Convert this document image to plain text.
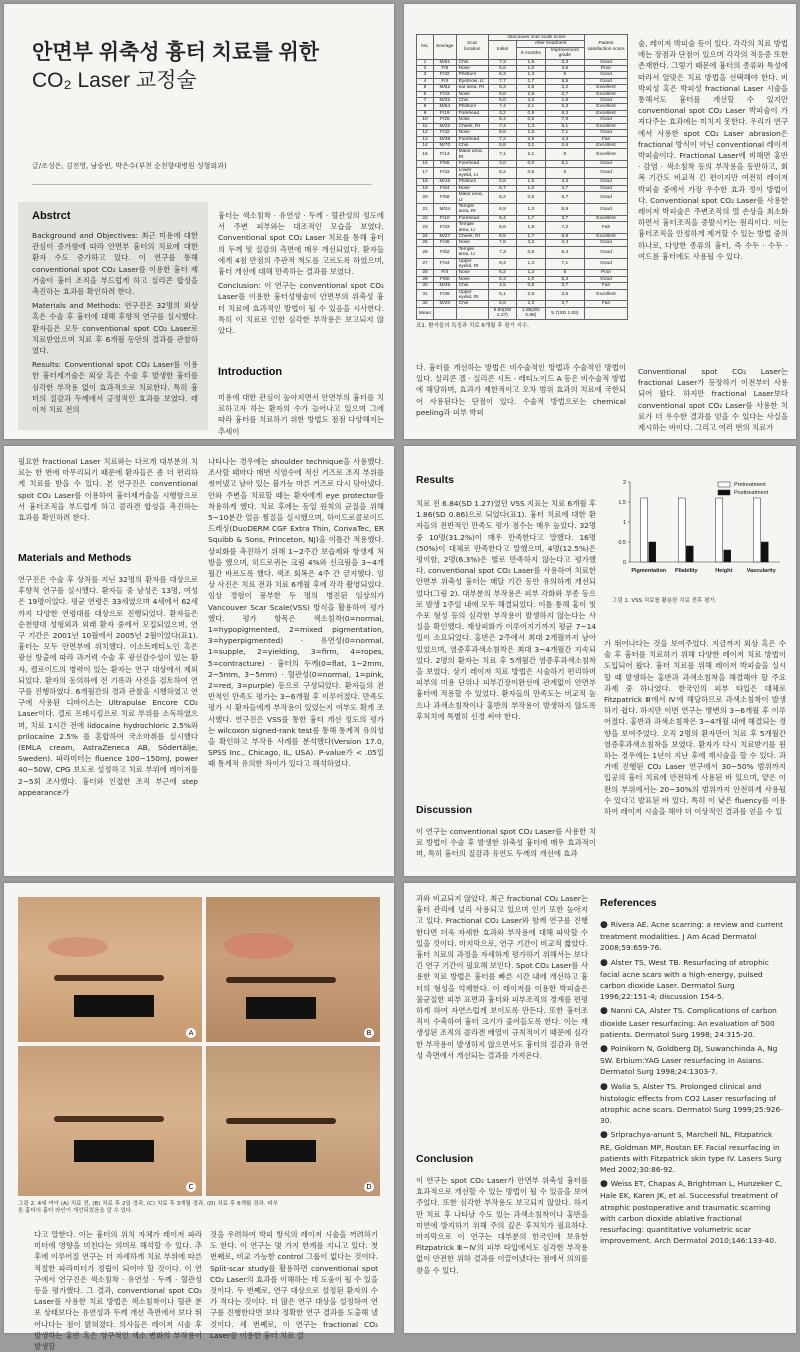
안면부 위축성 흉터 치료를 위한
CO₂ Laser 교정술
글/조성은, 김진영, 남승빈, 박은수(부천 순천향대병원 성형외과)
Abstrct

Background and Objectives: 최근 미용에 대한 관심이 증가함에 따라 안면부 흉터의 치료에 대한 환자 수도 증가하고 있다. 이 연구를 통해 conventional spot CO₂ Laser를 이용한 흉터 제거술이 흉터 조직을 부드럽게 하고 실리콘 합성을 촉진하는 효과를 확인하려 한다.

Materials and Methods: 연구진은 32명의 외상 혹은 수술 후 흉터에 대해 후향적 연구를 실시했다. 환자들은 모두 conventional spot CO₂ Laser로 치료받았으며 치료 후 6개월 동안의 결과를 관찰하였다.

Results: Conventional spot CO₂ Laser를 이용한 흉터제거술은 외상 혹은 수술 후 발생한 흉터를 심각한 부작용 없이 효과적으로 치료한다. 특히 흉터의 질감과 두께에서 긍정적인 효과를 보였다. 레이저 치료 전의

흉터는 색소침착 · 유연성 · 두께 · 혈관성의 정도에서 주변 피부와는 대조적인 모습을 보였다. Conventional spot CO₂ Laser 치료를 통해 흉터의 두께 및 질감의 측면에 매우 개선되었다. 환자들에게 4점 만점의 주관적 척도를 고르도록 하였으며, 흉터 개선에 대해 만족하는 결과를 보였다.

Conclusion: 이 연구는 conventional spot CO₂ Laser를 이용한 흉터성형술이 안면부의 위축성 흉터 치료에 효과적인 방법이 될 수 있음을 시사한다. 특히 이 치료로 인한 심각한 부작용은 보고되지 않았다.

Introduction
미용에 대한 관심이 높아지면서 안면부의 흉터를 치료하고자 하는 환자의 수가 늘어나고 있으며 그에 따라 흉터를 치료하기 위한 방법도 점점 다양해지는 추세이
No.	Sex/age	Scar location	Vancouver scar scale score			Patient satisfaction score
			Initial	After treatment		
				6 months	Improvement grade	
1	M/51	Chin	7,3	1,5	3,3	Good
2	F/6	Nose	5,6	1,0	4,6	Poor
3	F/32	Philtrum	6,3	1,3	5	Good
4	F/4	Eyebrow, Lt	7,7	1,7	5,5	Good
5	M/52	ear area, Rt	5,3	2,8	3,2	Excellent
6	F/43	Nose	5,6	2,9	2,7	Excellent
7	M/32	Chin	5,0	3,2	1,8	Good
8	M/54	Philtrum	7,4	2,1	5,3	Excellent
9	F/19	Forehead	3,2	0,9	6,3	Excellent
10	F/26	Nose	5,4	0,5	7,9	Good
11	M/32	Cheek, Rt	7,4	1,3	6,1	Excellent
12	F/32	Nose	8,6	1,5	7,1	Good
13	M/38	Forehead	7,2	2,9	4,3	Fair
14	M/70	Chin	5,8	3,2	2,6	Excellent
15	F/13	Malar area, Rt	7,1	2,1	5	Excellent
16	F/55	Forehead	3,0	0,0	6,1	Good
17	F/33	Lower eyelid, Lt	6,2	0,5	6	Good
18	M/16	Philtrum	5,8	1,5	4,3	Good
19	F/54	Nose	5,7	1,0	4,7	Good
20	F/58	Malar area, Lt	6,2	0,5	5,7	Good
21	M/34	Temple area, Rt	6,9	1,0	5,9	Good
22	F/10	Forehead	5,4	1,7	3,7	Excellent
23	F/33	Temple area, Lt	6,6	1,8	7,2	Fair
24	M/27	Cheek, Rt	8,5	1,7	6,8	Excellent
25	F/46	Nose	7,6	3,2	4,4	Good
26	F/52	Temple area, Lt	7,3	0,9	6,4	Good
27	F/34	Upper eyelid, Rt	8,4	1,3	7,1	Good
28	F/4	Nose	6,2	1,2	5	Poor
29	F/60	Nose	6,3	1,0	5,3	Good
30	M/25	Chin	4,5	0,8	3,7	Fair
31	F/38	Upper eyelid, Rt	5,1	2,6	2,5	Excellent
32	M/20	Chin	5,6	2,3	2,7	Fair
Mean			6.84(SD 1.27)	1.86(SD 0.86)	5.7(SD 1.83)	
표1. 환자들의 특징과 치료 6개월 후 평가 지수.
다. 흉터를 개선하는 방법은 비수술적인 방법과 수술적인 방법이 있다. 실리콘 겔 · 실리콘 시트 · 레티노이드 A 등은 비수술적 방법에 해당하며, 효과가 제한적이고 오차 범위 효과의 치료에 국한되어 사용된다는 단점이 있다. 수술적 방법으로는 chemical peeling과 피부 박피
술, 레이저 박피술 등이 있다. 각각의 치료 방법에는 장점과 단점이 있으며 각각의 적응증 또한 존재한다. 그렇기 때문에 흉터의 종류와 특성에 따라서 알맞은 치료 방법을 선택해야 한다. 비박피성 혹은 박피성 fractional Laser 시술을 통해서도 흉터를 개선할 수 있지만 conventional spot CO₂ Laser 박피술이 가져다주는 효과에는 미치지 못한다. 우리가 연구에서 사용한 spot CO₂ Laser abrasion은 fractional 방식이 아닌 conventional 레이저 박피술이다. Fractional Laser에 비해면 홍반 · 감염 · 색소침착 등의 부작용을 동반하고, 회복 기간도 비교적 긴 편이지만 여전히 레이저 박피술 중에서 가장 우수한 효과 정이 방법이다. Conventional spot CO₂ Laser를 사용한 레이저 박피술은 주변조직의 열 손상을 최소화하면서 흉터조직을 증발시키는 원리이다. 이는 흉터조직을 안정하게 제거할 수 있는 방법 중의 하나로, 다양한 종류의 흉터, 즉 수두 · 수두 · 여드름 흉터에도 사용될 수 있다.
Conventional spot CO₂ Laser는 fractional Laser가 등장하기 이전부터 사용되어 왔다. 하지만 fractional Laser보다 conventional spot CO₂ Laser를 사용한 치료가 더 우수한 결과를 얻을 수 있다는 사실을 제시하는 바이다. 그리고 여러 번의 치료가
필요한 fractional Laser 치료와는 다르게 대부분의 치료는 한 번에 마무리되기 때문에 환자들은 좀 더 편리하게 치료를 받을 수 있다. 본 연구진은 conventional spot CO₂ Laser를 이용하여 흉터제거술을 시행함으로서 흉터조직을 부드럽게 하고 콜라겐 합성을 촉진하는 효과를 확인하려 한다.
Materials and Methods
연구진은 수술 후 상처를 지닌 32명의 환자를 대상으로 후향적 연구를 실시했다. 환자들 중 남성은 13명, 여성은 19명이었다. 평균 연령은 33세였으며 4세에서 62세까지 다양한 연령대를 대상으로 진행되었다. 환자들은 순천향대 성형외과 외래 환자 중에서 모집되었으며, 연구 기간은 2001년 10월에서 2005년 2월이었다(표1). 흉터는 모두 안면부에 위치했다. 이소트레티노인 혹은 광선 방출에 따라 과거력 수술 후 광선감수성이 있는 환자, 켈로이드의 병력이 있는 환자는 연구 대상에서 제외되었다. 환자의 동의하에 전 기록과 사진을 검토하여 연구를 진행하였다. 6개월간의 경과 관찰을 시행하였고 연구에 사용된 디바이스는 Ultrapulse Encore CO₂ Laser이다. 결로 프레시킹으로 치료 부위를 소독하였으며, 치료 1시간 전에 lidocaine hydrochloric 2.5%와 prilocaine 2.5% 를 혼합하여 국소마취를 실시했다(EMLA cream, AstraZeneca AB, Södertälje, Sweden). 파라미터는 fluence 100~150mJ, power 40~50W, CPG 보도로 설정하고 치료 부위에 레이저를 2~5회 조사했다. 흉터와 인접한 조직 부근에 step appearance가
나타나는 경우에는 shoulder technique을 사용했다. 조사할 때마다 매번 식염수에 적신 거즈로 조직 부위를 씻어냈고 남아 있는 불가능 마른 거즈로 다시 닦아냈다. 안와 주변을 치료할 때는 환자에게 eye protector를 착용하게 했다. 치료 후에는 동일 원칙의 균질을 위해 5~10분간 얼음 찜질을 실시했으며, 하이드로콜로이드 드레싱(DuoDERM CGF Extra Thin, ConvaTec, ER Squibb & Sons, Princeton, NJ)을 이틀간 적용했다. 상피화를 촉진하기 위해 1~2주간 보습제와 항생제 처방을 했으며, 히드로퀴논 크림 4%와 신크림을 3~4개월간 바르도록 했다. 색조 회복은 4주 간 금지했다. 임상 사진은 치료 전과 치료 6개월 후에 각각 촬영되었다. 임상 경험이 풍부한 두 명의 병진된 임상의가 Vancouver Scar Scale(VSS) 방식을 활용하여 평가했다. 평가 항목은 색소침착(0=normal, 1=hypopigmented, 2=mixed pigmentation, 3=hyperpigmented) · 유연성(0=normal, 1=supple, 2=yielding, 3=firm, 4=ropes, 5=contracture) · 흉터의 두께(0=flat, 1~2mm, 2~5mm, 3~5mm) · 혈관성(0=normal, 1=pink, 2=red, 3=purple) 등으로 구성되었다. 환자들의 전반적인 만족도 평가는 3~6개월 후 이루어졌다. 만족도 평가 시 환자들에게 부작용이 있었는지 여부도 확게 조사했다. 연구진은 VSS를 통한 흉터 개선 정도의 평가는 wilcoxon signed-rank test를 통해 통계적 유의성을 확인하고 부작용 사례를 분석했다(Version 17.0, SPSS Inc., Chicago, IL, USA). P-value가 < .05일 때 통계적 유의한 차이가 있다고 해석하였다.
Results
치료 전 6.84(SD 1.27)였던 VSS 지표는 치료 6개월 후 1.86(SD 0.86)으로 되었다(표1). 흉터 치료에 대한 환자들의 전반적인 만족도 평가 점수는 매우 높았다. 32명 중 10명(31.2%)이 매우 만족한다고 말했다. 16명(50%)이 대체로 만족한다고 말했으며, 4명(12.5%)은 평이함, 2명(6.3%)은 별로 만족하지 않는다고 평가했다. conventional spot CO₂ Laser를 사용하여 치료한 안면부 위축성 흉터는 매달 기간 동안 유의하게 개선되었다(그림 2). 대부분의 부작용은 피부 각화와 부종 등으로 발생 1주일 내에 모두 해결되었다. 이틀 통해 홍이 및 수포 형성 등의 심각한 부작용이 발생하지 않는다는 사실을 확인했다. 재상피화가 이루어지기까지 평균 7~14일이 소요되었다. 홍반은 2주에서 최대 2개월까지 남아 있었으며, 염증후과색소침착은 최대 3~4개월간 지속되었다. 2명의 환자는 치료 후 5개월간 염증후과색소침착을 보였다. 상기 레이저 치료 방법은 시술하기 편리하며 피부의 미용 단위나 피부긴장이완선에 관계없이 안면부 흉터에 적용할 수 있었다. 환자들의 만족도는 비교적 높으나 과색소침착이나 홍반의 부작용이 발생하지 않도록 후처치에 특별히 신경 써야 한다.
Discussion
이 연구는 conventional spot CO₂ Laser를 사용한 치료 방법이 수술 후 발생한 위축성 흉터에 매우 효과적이며, 특히 흉터의 질감과 유연도 두께의 개선에 효과
0
0.5
1
1.5
2
Pigmentation Pliability	Height	Vascularity
Pretreatment
Posttreatment
그림 1. VSS 치료를 활용한 치료 전후 평가.
가 뛰어나다는 것을 보여주었다. 지금까지 외상 혹은 수술 후 흉터를 치료하기 위해 다양한 레이저 치료 방법이 도입되어 왔다. 흉터 치료를 위해 레이저 박피술을 실시할 때 발생하는 홍반과 과색소침착을 해결해야 할 주요 과제 중 하나였다. 한국인의 피부 타입은 대체로 Fitzpatrick Ⅲ에서 Ⅳ에 해당하므로 과색소침착이 발생하기 쉽다. 하지만 이번 연구는 병변의 3~6개월 후 이루어졌다. 홍반과 과색소침착은 3~4개월 내에 해결되는 경향을 보여주었다. 오직 2명의 환자만이 치료 후 5개월간 염증후과색소침착을 보였다. 환자가 다시 치료받기를 원하는 경우에는 1년이 지난 후에 재시술을 할 수 있다. 과거에 진행된 CO₂ Laser 연구에서 30~50% 범위까지 입공의 흉터 치료에 안전하게 사용된 바 있으며, 얕은 이완의 부위에서는 20~30%의 범위까지 안전하게 사용될 수 있다고 발표된 바 있다. 특히 이 낮은 fluency를 이용하여 레이저 시술을 해야 더 이상적인 결과를 얻을 수 있
A	B
C	D
그림 2. 4세 여아 (A) 치료 전, (B) 치료 후 2일 경과, (C) 치료 후 3개월 경과, (D) 치료 후 6개월 경과. 피부톤 흉터의 흉터 라인이 개선되었음을 알 수 있다.
다고 말한다. 이는 흉터의 위치 자체가 레이저 파라미터에 영향을 미친다는 의미로 해석할 수 있다. 추후에 이루어질 연구는 더 자세하게 치료 부위에 따른 적절한 파라미터가 정립이 되어야 할 것이다. 이 연구에서 연구진은 색소침착 · 유연성 · 두께 · 혈관성 등을 평가했다. 그 결과, conventional spot CO₂ Laser를 사용한 치료 방법은 색소침착이나 혈관 분포 상태보다는 유연성과 두께 개선 측면에서 보다 뛰어나다는 점이 밝혀졌다. 의사들은 레이저 시술 후 발생하는 홍반 혹은 영구적인 색소 변화의 부작용이 발생할
것을 우려하여 박피 방식의 레이저 시술을 꺼려하기도 한다. 이 연구는 몇 가지 한계를 지니고 있다. 첫 번째로, 비교 가능한 control 그룹이 없다는 것이다. Split-scar study를 활용하면 conventional spot CO₂ Laser의 효과를 이해하는 데 도움이 될 수 있을 것이다. 두 번째로, 연구 대상으로 설정된 환자의 수가 적다는 것이다. 더 많은 연구 대상을 설정하여 연구를 진행한다면 보다 정확한 연구 결과를 도출해 낼 것이다. 세 번째로, 이 연구는 fractional CO₂ Laser를 이용한 흉터 치료 결
과와 비교되지 않았다. 최근 fractional CO₂ Laser는 흉터 관리에 널리 사용되고 있으며 인기 또한 높아지고 있다. Fractional CO₂ Laser와 함께 연구를 진행한다면 더욱 자세한 효과와 부작용에 대해 파악할 수 있을 것이다. 마지막으로, 연구 기간이 비교적 짧았다. 흉터 치료의 과정을 자세하게 평가하기 위해서는 보다 긴 연구 기간이 필요해 보인다. Spot CO₂ Laser를 사용한 치료 방법은 흉터를 빠른 시간 내에 개선하고 흉터의 형성을 억제한다. 이 레이저를 이용한 박피술은 불균질한 피부 표면과 흉터와 피부조직의 경계를 편평하게 하여 자연스럽게 보이도록 만든다. 또한 흉터조직이 수축하여 흉터 크기가 줄어들도록 한다. 이는 재생성된 조직의 콜라겐 배열이 규칙적이기 때문에 심각한 부작용이 발생하지 않으면서도 흉터의 질감과 유연성 측면에서 개선되는 결과를 가져온다.
Conclusion
이 연구는 spot CO₂ Laser가 안면부 위축성 흉터를 효과적으로 개선할 수 있는 방법이 될 수 있음을 보여주었다. 또한 심각한 부작용도 보고되지 않았다. 하지만 치료 후 나타날 수도 있는 과색소침착이나 홍반을 미연에 방지하기 위해 주의 깊은 후처치가 필요하다. 마지막으로 이 연구는 대부분의 한국인에 보유한 Fitzpatrick Ⅲ~Ⅳ의 피부 타입에서도 심각한 부작용 없이 안전한 위하 결과를 이끌어냈다는 점에서 의의를 찾을 수 있다.
References

● Rivera AE. Acne scarring: a review and current treatment modalities. J Am Acad Dermatol 2008;59:659-76.

● Alster TS, West TB. Resurfacing of atrophic facial acne scars with a high-energy, pulsed carbon dioxide Laser. Dermatol Surg 1996;22:151-4; discussion 154-5.

● Nanni CA, Alster TS. Complications of carbon dioxide Laser resurfacing. An evaluation of 500 patients. Dermatol Surg 1998; 24:315-20.

● Polnikorn N, Goldberg DJ, Suwanchinda A, Ng SW. Erbium:YAG Laser resurfacing in Asians. Dermatol Surg 1998;24:1303-7.

● Walia S, Alster TS. Prolonged clinical and histologic effects from CO2 Laser resurfacing of atrophic acne scars. Dermatol Surg 1999;25:926-30.

● Sriprachya-anunt S, Marchell NL, Fitzpatrick RE, Goldman MP, Rostan EF. Facial resurfacing in patients with Fitzpatrick skin type IV. Lasers Surg Med 2002;30:86-92.

● Weiss ET, Chapas A, Brightman L, Hunzeker C, Hale EK, Karen JK, et al. Successful treatment of atrophic postoperative and traumatic scarring with carbon dioxide ablative fractional resurfacing: quantitative volumetric scar improvement. Arch Dermatol 2010;146:133-40.
